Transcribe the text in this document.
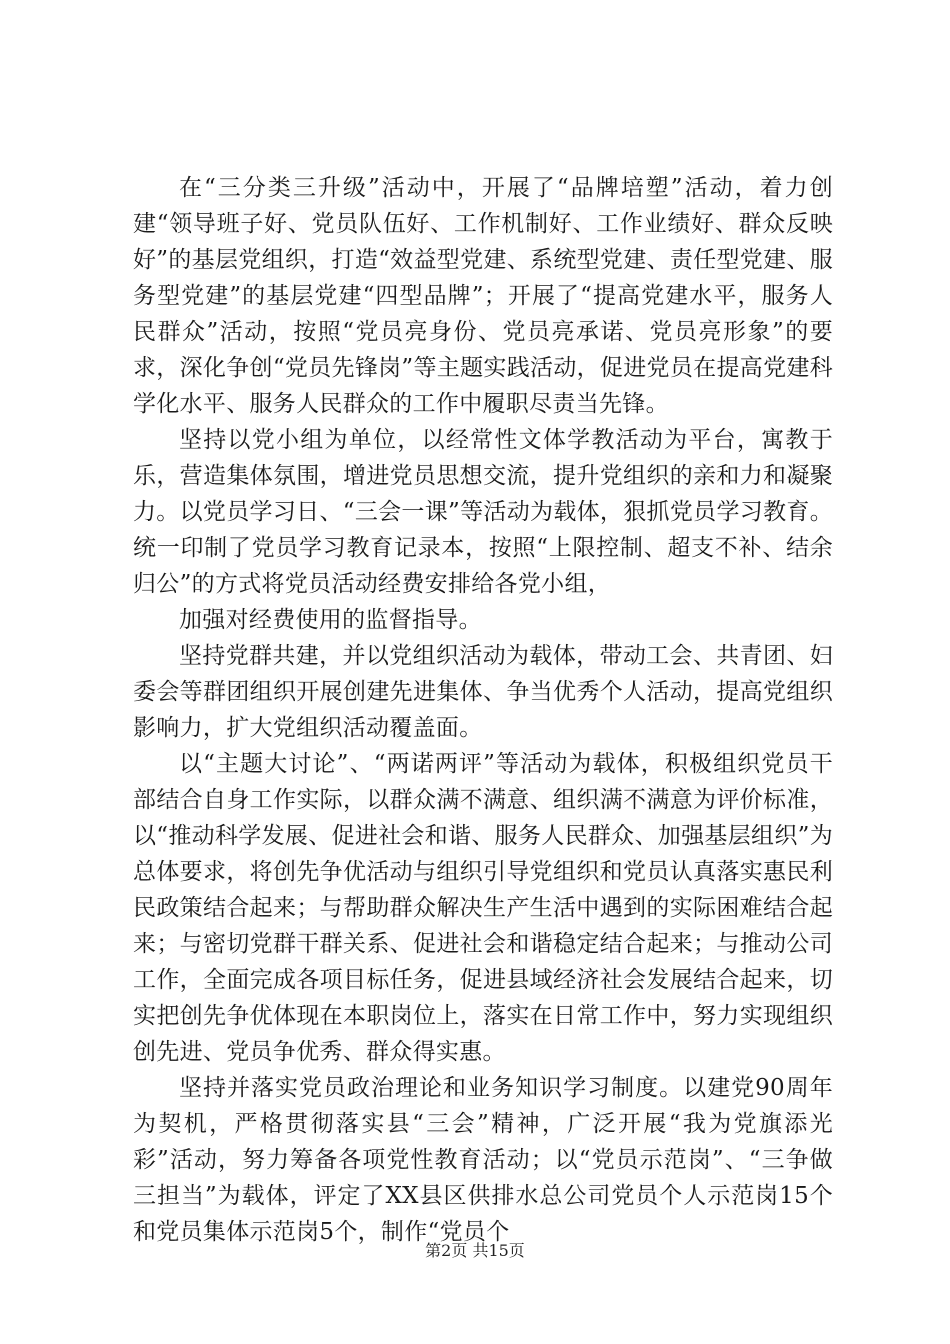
在“三分类三升级”活动中，开展了“品牌培塑”活动，着力创建“领导班子好、党员队伍好、工作机制好、工作业绩好、群众反映好”的基层党组织，打造“效益型党建、系统型党建、责任型党建、服务型党建”的基层党建“四型品牌”；开展了“提高党建水平，服务人民群众”活动，按照“党员亮身份、党员亮承诺、党员亮形象”的要求，深化争创“党员先锋岗”等主题实践活动，促进党员在提高党建科学化水平、服务人民群众的工作中履职尽责当先锋。

坚持以党小组为单位，以经常性文体学教活动为平台，寓教于乐，营造集体氛围，增进党员思想交流，提升党组织的亲和力和凝聚力。以党员学习日、“三会一课”等活动为载体，狠抓党员学习教育。统一印制了党员学习教育记录本，按照“上限控制、超支不补、结余归公”的方式将党员活动经费安排给各党小组，

加强对经费使用的监督指导。

坚持党群共建，并以党组织活动为载体，带动工会、共青团、妇委会等群团组织开展创建先进集体、争当优秀个人活动，提高党组织影响力，扩大党组织活动覆盖面。

以“主题大讨论”、“两诺两评”等活动为载体，积极组织党员干部结合自身工作实际，以群众满不满意、组织满不满意为评价标准，以“推动科学发展、促进社会和谐、服务人民群众、加强基层组织”为总体要求，将创先争优活动与组织引导党组织和党员认真落实惠民利民政策结合起来；与帮助群众解决生产生活中遇到的实际困难结合起来；与密切党群干群关系、促进社会和谐稳定结合起来；与推动公司工作，全面完成各项目标任务，促进县域经济社会发展结合起来，切实把创先争优体现在本职岗位上，落实在日常工作中，努力实现组织创先进、党员争优秀、群众得实惠。

坚持并落实党员政治理论和业务知识学习制度。以建党90周年为契机，严格贯彻落实县“三会”精神，广泛开展“我为党旗添光彩”活动，努力筹备各项党性教育活动；以“党员示范岗”、“三争做三担当”为载体，评定了XX县区供排水总公司党员个人示范岗15个和党员集体示范岗5个，制作“党员个

第2页 共15页
